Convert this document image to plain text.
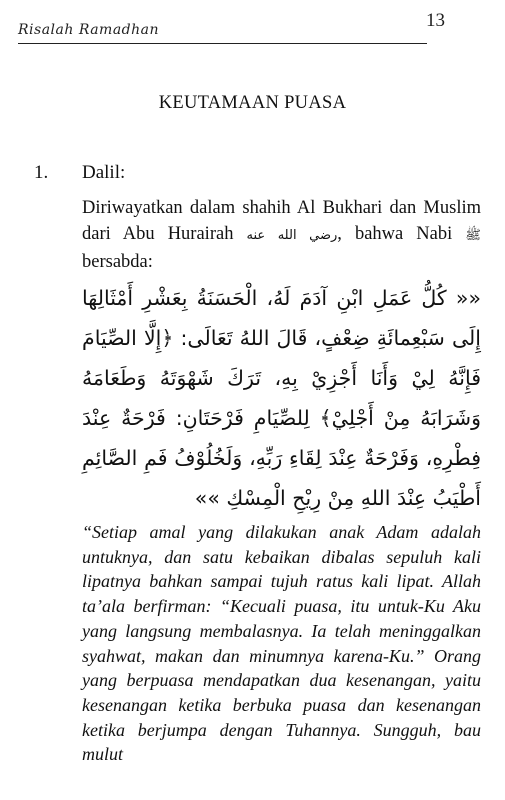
Risalah Ramadhan	13
KEUTAMAAN PUASA
1. Dalil:
Diriwayatkan dalam shahih Al Bukhari dan Muslim dari Abu Hurairah رضي الله عنه, bahwa Nabi ﷺ bersabda:
«« كُلُّ عَمَلِ ابْنِ آدَمَ لَهُ، الْحَسَنَةُ بِعَشْرِ أَمْثَالِهَا إِلَى سَبْعِمائَةِ ضِعْفٍ، قَالَ اللهُ تَعَالَى: ﴿إِلَّا الصِّيَامَ فَإِنَّهُ لِيْ وَأَنَا أَجْزِيْ بِهِ، تَرَكَ شَهْوَتَهُ وَطَعَامَهُ وَشَرَابَهُ مِنْ أَجْلِيْ﴾ لِلصِّيَامِ فَرْحَتَانِ: فَرْحَةٌ عِنْدَ فِطْرِهِ، وَفَرْحَةٌ عِنْدَ لِقَاءِ رَبِّهِ، وَلَخُلُوْفُ فَمِ الصَّائِمِ أَطْيَبُ عِنْدَ اللهِ مِنْ رِيْحِ الْمِسْكِ »»
“Setiap amal yang dilakukan anak Adam adalah untuknya, dan satu kebaikan dibalas sepuluh kali lipatnya bahkan sampai tujuh ratus kali lipat. Allah ta’ala berfirman: “Kecuali puasa, itu untuk-Ku Aku yang langsung membalasnya. Ia telah meninggalkan syahwat, makan dan minumnya karena-Ku.” Orang yang berpuasa mendapatkan dua kesenangan, yaitu kesenangan ketika berbuka puasa dan kesenangan ketika berjumpa dengan Tuhannya. Sungguh, bau mulut
